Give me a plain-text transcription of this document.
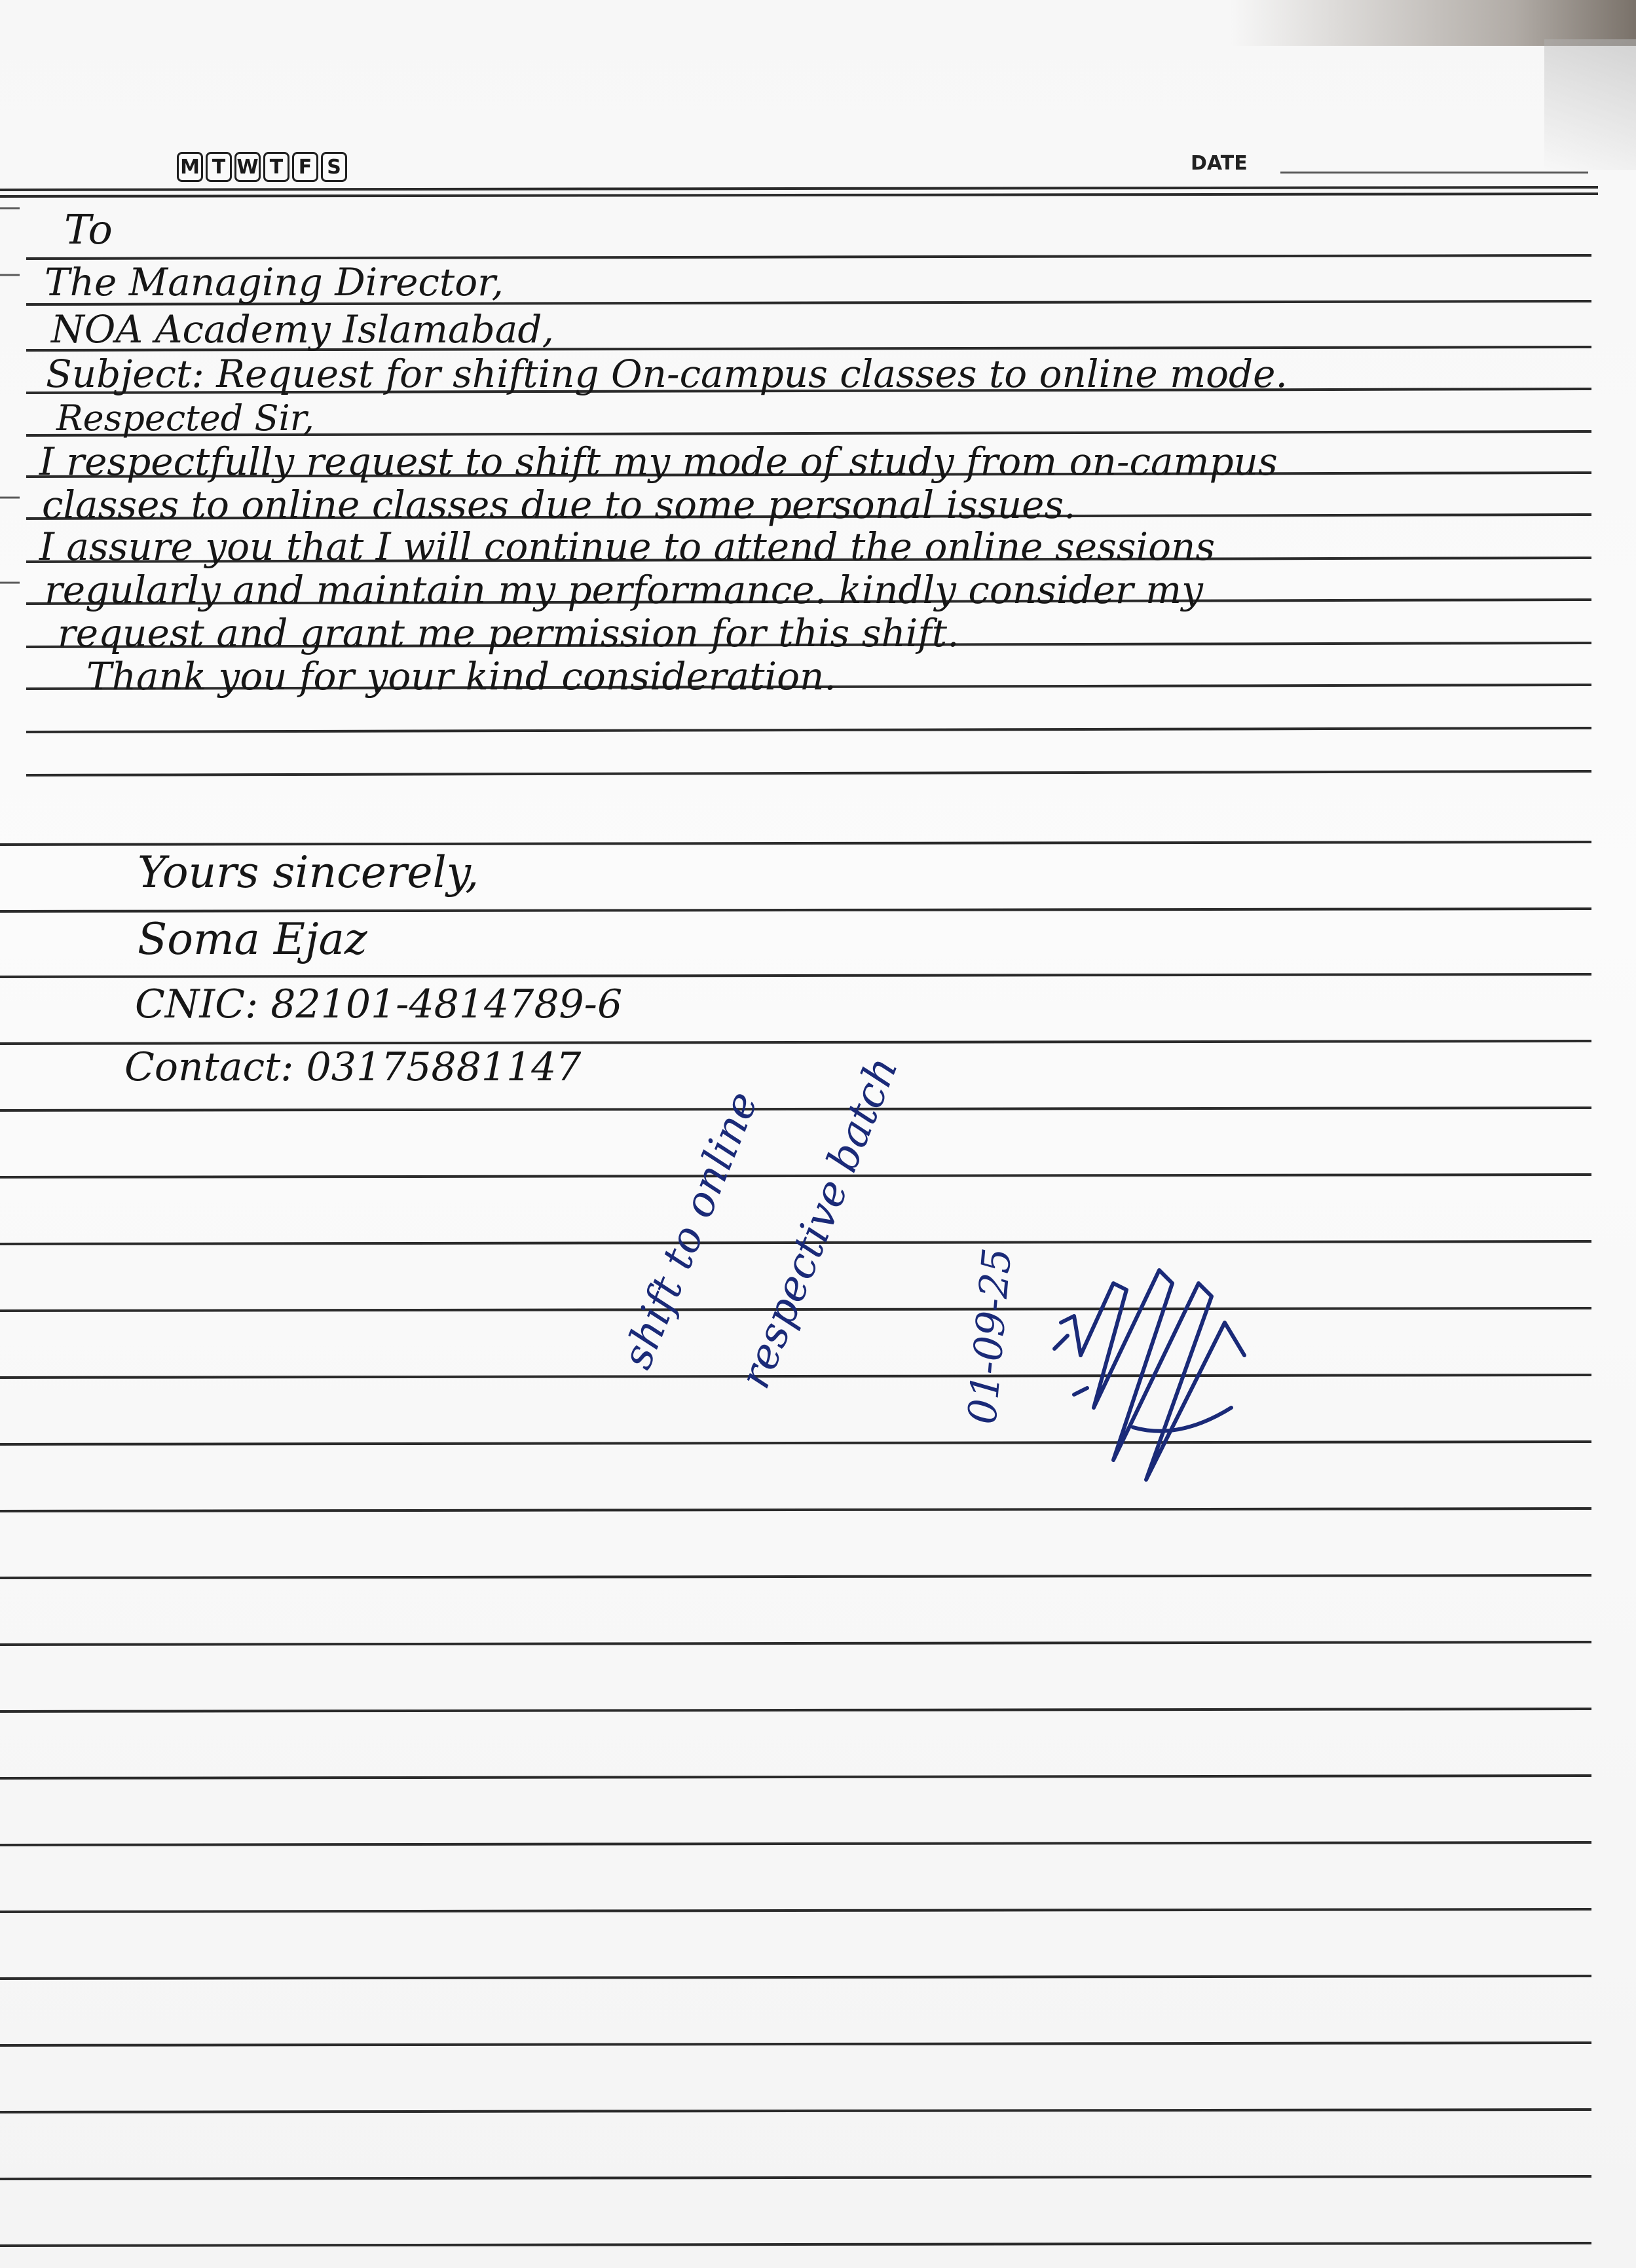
M T W T F S	DATE
To
The Managing Director,
NOA Academy Islamabad,
Subject: Request for shifting On-campus classes to online mode.
Respected Sir,
I respectfully request to shift my mode of study from on-campus
classes to online classes due to some personal issues.
I assure you that I will continue to attend the online sessions
regularly and maintain my performance. kindly consider my
request and grant me permission for this shift.
Thank you for your kind consideration.
Yours sincerely,
Soma Ejaz
CNIC: 82101-4814789-6
Contact: 03175881147
shift to online
respective batch 01-09-25
